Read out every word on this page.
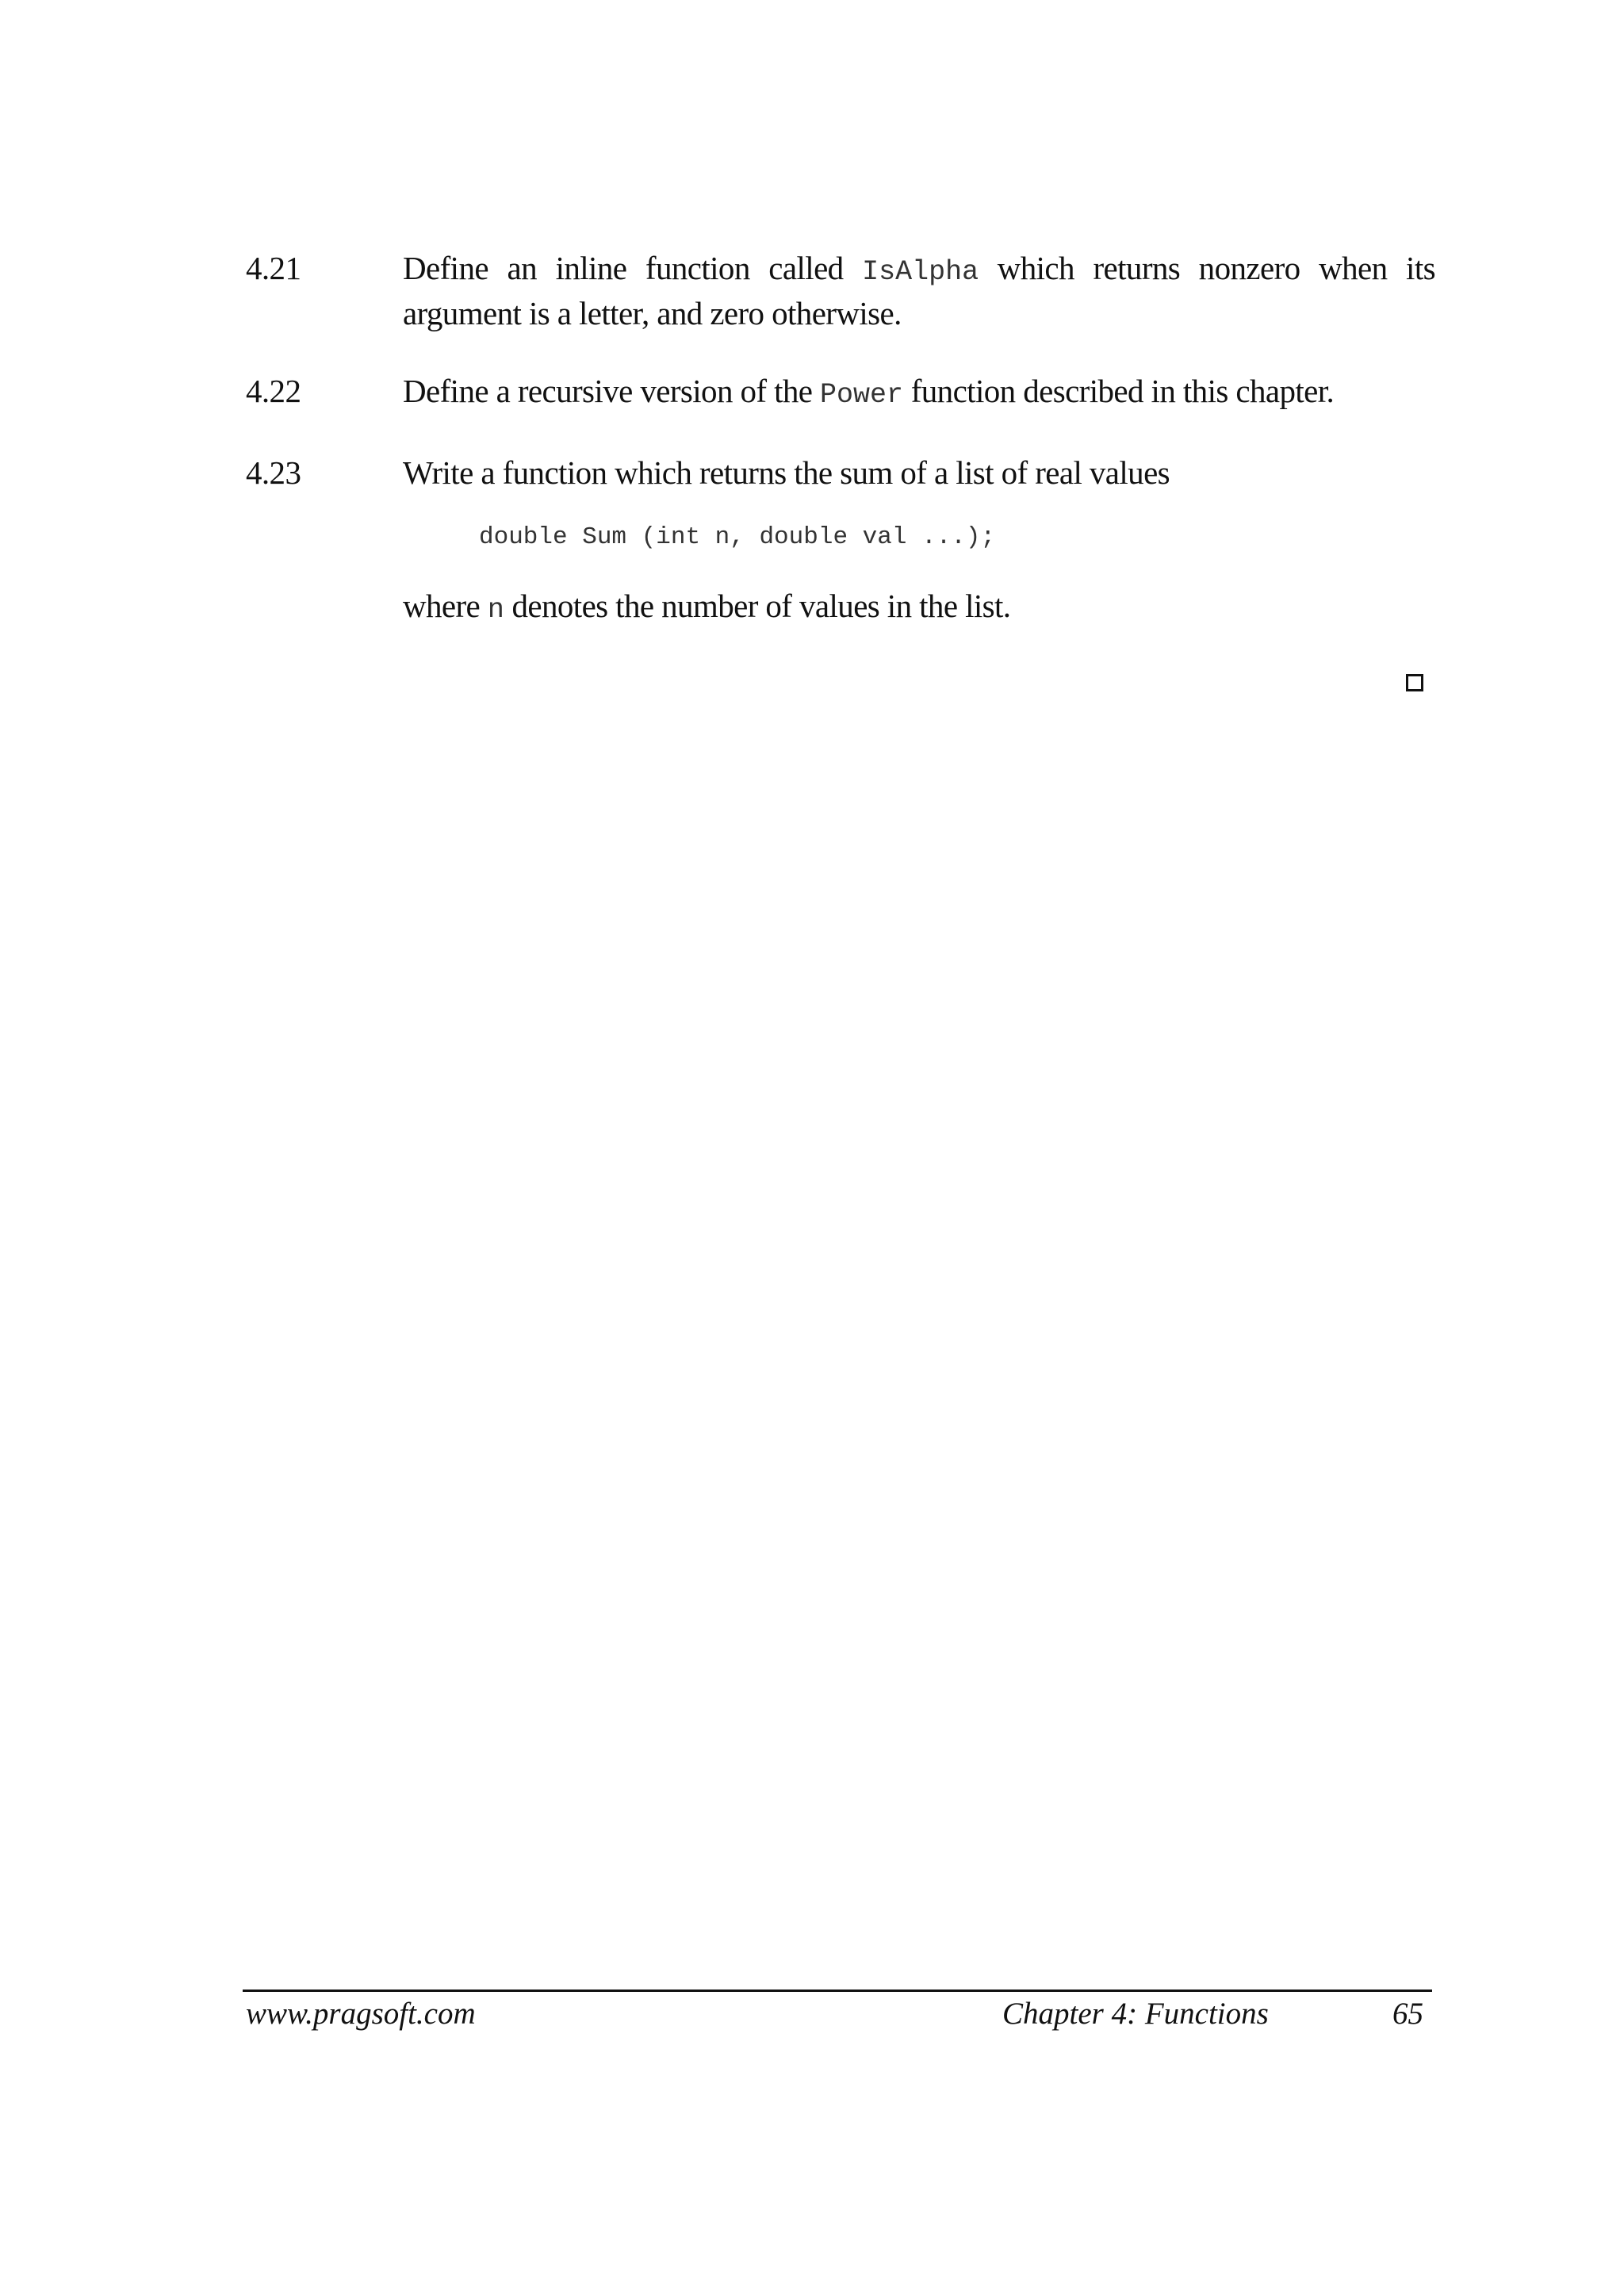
4.21	Define an inline function called IsAlpha which returns nonzero when its argument is a letter, and zero otherwise.
4.22	Define a recursive version of the Power function described in this chapter.
4.23	Write a function which returns the sum of a list of real values
double Sum (int n, double val ...);
where n denotes the number of values in the list.
www.pragsoft.com	Chapter 4: Functions	65
